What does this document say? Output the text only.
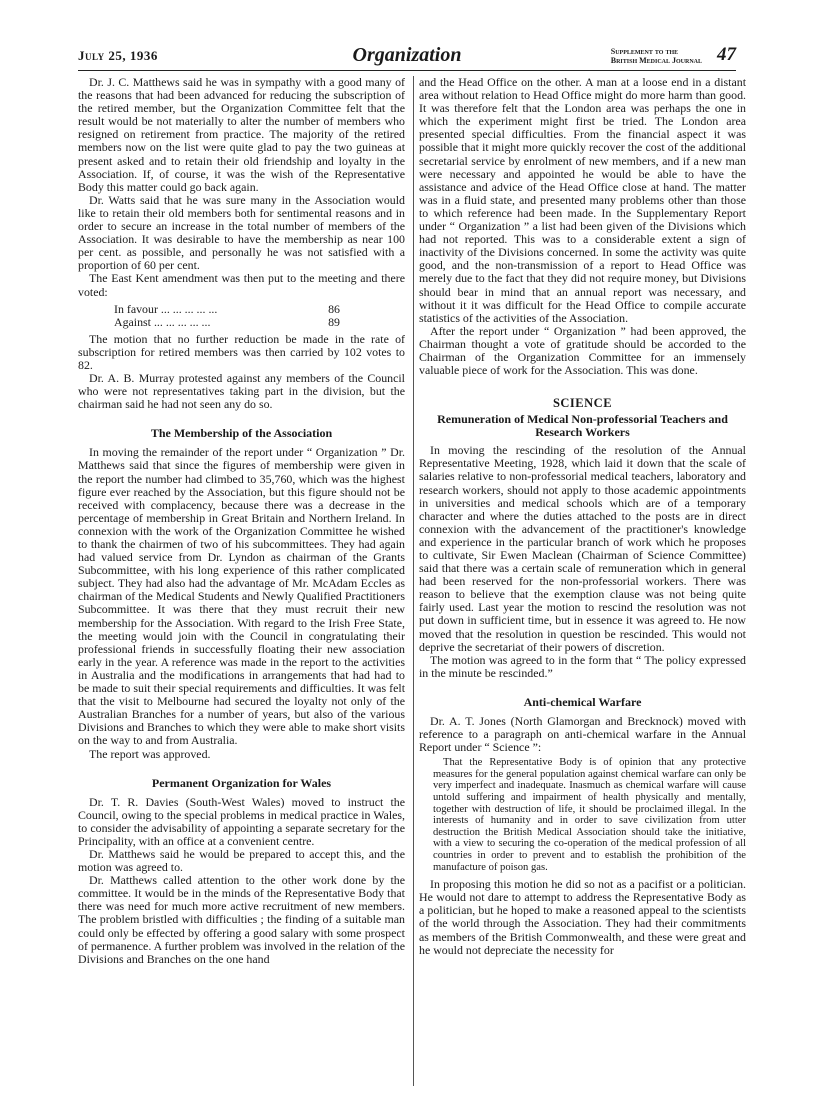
July 25, 1936	Organization	Supplement to the
British Medical Journal 47

Dr. J. C. Matthews said he was in sympathy with a good many of the reasons that had been advanced for reducing the subscription of the retired member, but the Organization Committee felt that the result would be not materially to alter the number of members who resigned on retirement from practice. The majority of the retired members now on the list were quite glad to pay the two guineas at present asked and to retain their old friendship and loyalty in the Association. If, of course, it was the wish of the Representative Body this matter could go back again.

Dr. Watts said that he was sure many in the Association would like to retain their old members both for sentimental reasons and in order to secure an increase in the total number of members of the Association. It was desirable to have the membership as near 100 per cent. as possible, and personally he was not satisfied with a proportion of 60 per cent.

The East Kent amendment was then put to the meeting and there voted:

In favour ... ... ... ... ...	86
Against ... ... ... ... ...	89

The motion that no further reduction be made in the rate of subscription for retired members was then carried by 102 votes to 82.

Dr. A. B. Murray protested against any members of the Council who were not representatives taking part in the division, but the chairman said he had not seen any do so.

The Membership of the Association

In moving the remainder of the report under “ Organization ” Dr. Matthews said that since the figures of membership were given in the report the number had climbed to 35,760, which was the highest figure ever reached by the Association, but this figure should not be received with complacency, because there was a decrease in the percentage of membership in Great Britain and Northern Ireland. In connexion with the work of the Organization Committee he wished to thank the chairmen of two of his subcommittees. They had again had valued service from Dr. Lyndon as chairman of the Grants Subcommittee, with his long experience of this rather complicated subject. They had also had the advantage of Mr. McAdam Eccles as chairman of the Medical Students and Newly Qualified Practitioners Subcommittee. It was there that they must recruit their new membership for the Association. With regard to the Irish Free State, the meeting would join with the Council in congratulating their professional friends in successfully floating their new association early in the year. A reference was made in the report to the activities in Australia and the modifications in arrangements that had had to be made to suit their special requirements and difficulties. It was felt that the visit to Melbourne had secured the loyalty not only of the Australian Branches for a number of years, but also of the various Divisions and Branches to which they were able to make short visits on the way to and from Australia.

The report was approved.

Permanent Organization for Wales

Dr. T. R. Davies (South-West Wales) moved to instruct the Council, owing to the special problems in medical practice in Wales, to consider the advisability of appointing a separate secretary for the Principality, with an office at a convenient centre.

Dr. Matthews said he would be prepared to accept this, and the motion was agreed to.

Dr. Matthews called attention to the other work done by the committee. It would be in the minds of the Representative Body that there was need for much more active recruitment of new members. The problem bristled with difficulties ; the finding of a suitable man could only be effected by offering a good salary with some prospect of permanence. A further problem was involved in the relation of the Divisions and Branches on the one hand

and the Head Office on the other. A man at a loose end in a distant area without relation to Head Office might do more harm than good. It was therefore felt that the London area was perhaps the one in which the experiment might first be tried. The London area presented special difficulties. From the financial aspect it was possible that it might more quickly recover the cost of the additional secretarial service by enrolment of new members, and if a new man were necessary and appointed he would be able to have the assistance and advice of the Head Office close at hand. The matter was in a fluid state, and presented many problems other than those to which reference had been made. In the Supplementary Report under “ Organization ” a list had been given of the Divisions which had not reported. This was to a considerable extent a sign of inactivity of the Divisions concerned. In some the activity was quite good, and the non-transmission of a report to Head Office was merely due to the fact that they did not require money, but Divisions should bear in mind that an annual report was necessary, and without it it was difficult for the Head Office to compile accurate statistics of the activities of the Association.

After the report under “ Organization ” had been approved, the Chairman thought a vote of gratitude should be accorded to the Chairman of the Organization Committee for an immensely valuable piece of work for the Association. This was done.

SCIENCE
Remuneration of Medical Non-professorial Teachers and Research Workers

In moving the rescinding of the resolution of the Annual Representative Meeting, 1928, which laid it down that the scale of salaries relative to non-professorial medical teachers, laboratory and research workers, should not apply to those academic appointments in universities and medical schools which are of a temporary character and where the duties attached to the posts are in direct connexion with the advancement of the practitioner's knowledge and experience in the particular branch of work which he proposes to cultivate, Sir Ewen Maclean (Chairman of Science Committee) said that there was a certain scale of remuneration which in general had been reserved for the non-professorial workers. There was reason to believe that the exemption clause was not being quite fairly used. Last year the motion to rescind the resolution was not put down in sufficient time, but in essence it was agreed to. He now moved that the resolution in question be rescinded. This would not deprive the secretariat of their powers of discretion.

The motion was agreed to in the form that “ The policy expressed in the minute be rescinded.”

Anti-chemical Warfare

Dr. A. T. Jones (North Glamorgan and Brecknock) moved with reference to a paragraph on anti-chemical warfare in the Annual Report under “ Science ”:

That the Representative Body is of opinion that any protective measures for the general population against chemical warfare can only be very imperfect and inadequate. Inasmuch as chemical warfare will cause untold suffering and impairment of health physically and mentally, together with destruction of life, it should be proclaimed illegal. In the interests of humanity and in order to save civilization from utter destruction the British Medical Association should take the initiative, with a view to securing the co-operation of the medical profession of all countries in order to prevent and to establish the prohibition of the manufacture of poison gas.

In proposing this motion he did so not as a pacifist or a politician. He would not dare to attempt to address the Representative Body as a politician, but he hoped to make a reasoned appeal to the scientists of the world through the Association. They had their commitments as members of the British Commonwealth, and these were great and he would not depreciate the necessity for
